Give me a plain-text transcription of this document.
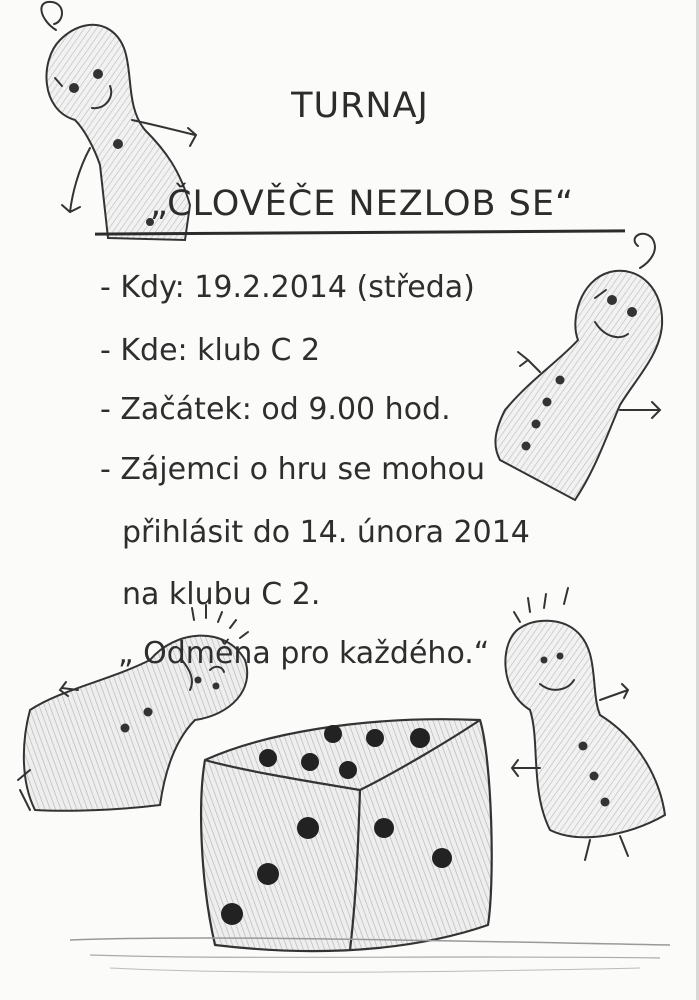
TURNAJ
„ČLOVĚČE NEZLOB SE“
- Kdy: 19.2.2014 (středa)
- Kde: klub C 2
- Začátek: od 9.00 hod.
- Zájemci o hru se mohou
přihlásit do 14. února 2014
na klubu C 2.
„ Odměna pro každého.“
